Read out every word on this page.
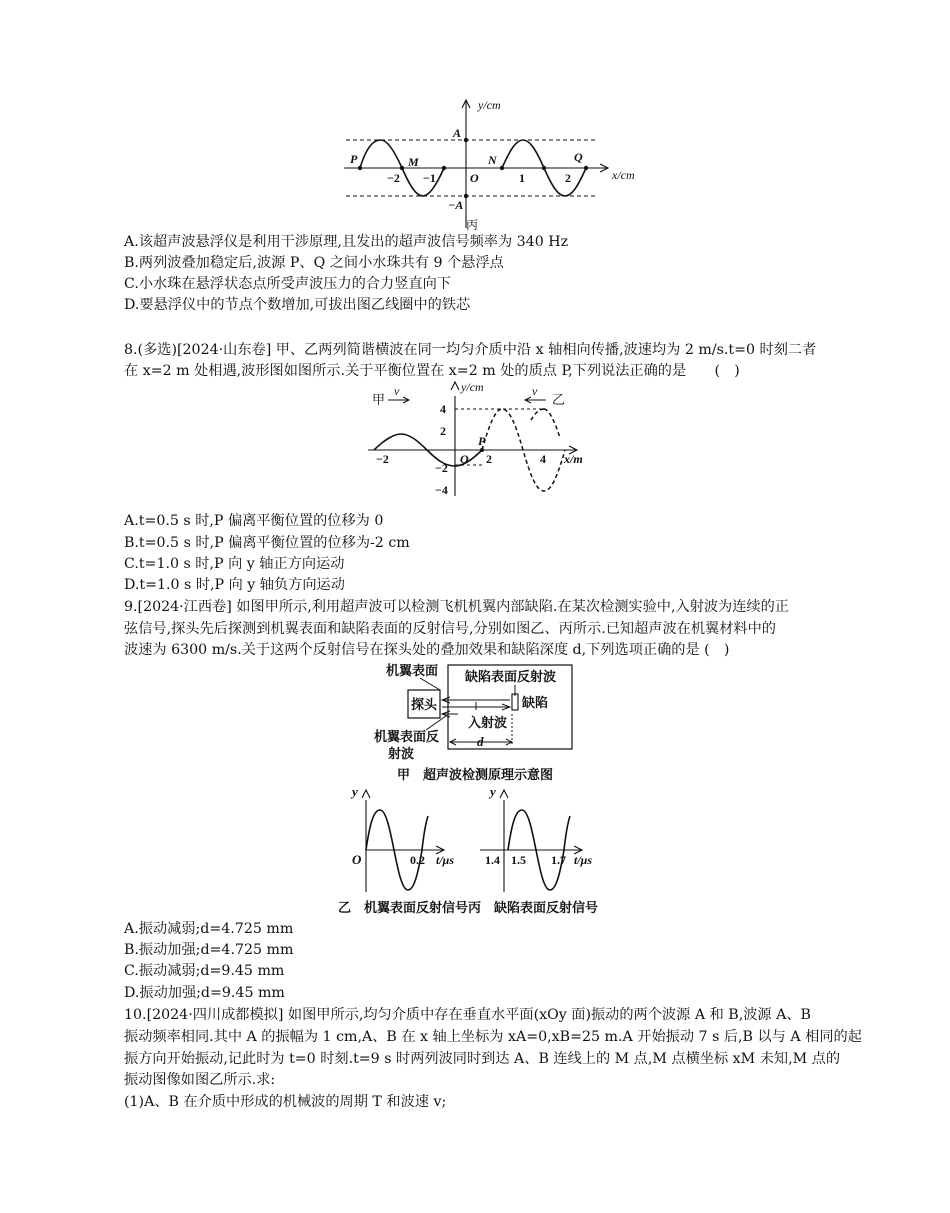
y/cm
x/cm
A
−A
P	M
O
N	Q
−2 −1	1	2
丙
A.该超声波悬浮仪是利用干涉原理,且发出的超声波信号频率为 340 Hz
B.两列波叠加稳定后,波源 P、Q 之间小水珠共有 9 个悬浮点
C.小水珠在悬浮状态点所受声波压力的合力竖直向下
D.要悬浮仪中的节点个数增加,可拔出图乙线圈中的铁芯
8.(多选)[2024·山东卷] 甲、乙两列简谐横波在同一均匀介质中沿 x 轴相向传播,波速均为 2 m/s.t=0 时刻二者
在 x=2 m 处相遇,波形图如图所示.关于平衡位置在 x=2 m 处的质点 P,下列说法正确的是　　(　)
甲
v
乙
v
y/cm
x/m
O
P
4
2
−2
−4
−2	2	4
A.t=0.5 s 时,P 偏离平衡位置的位移为 0
B.t=0.5 s 时,P 偏离平衡位置的位移为-2 cm
C.t=1.0 s 时,P 向 y 轴正方向运动
D.t=1.0 s 时,P 向 y 轴负方向运动
9.[2024·江西卷] 如图甲所示,利用超声波可以检测飞机机翼内部缺陷.在某次检测实验中,入射波为连续的正
弦信号,探头先后探测到机翼表面和缺陷表面的反射信号,分别如图乙、丙所示.已知超声波在机翼材料中的
波速为 6300 m/s.关于这两个反射信号在探头处的叠加效果和缺陷深度 d,下列选项正确的是 (　)
机翼表面 缺陷表面反射波
探头	缺陷
入射波
机翼表面反
射波
d
甲　超声波检测原理示意图
y
O	0.2 t/μs
y
1.4 1.5 1.7 t/μs
乙　机翼表面反射信号丙　缺陷表面反射信号
A.振动减弱;d=4.725 mm
B.振动加强;d=4.725 mm
C.振动减弱;d=9.45 mm
D.振动加强;d=9.45 mm
10.[2024·四川成都模拟] 如图甲所示,均匀介质中存在垂直水平面(xOy 面)振动的两个波源 A 和 B,波源 A、B
振动频率相同.其中 A 的振幅为 1 cm,A、B 在 x 轴上坐标为 xA=0,xB=25 m.A 开始振动 7 s 后,B 以与 A 相同的起
振方向开始振动,记此时为 t=0 时刻.t=9 s 时两列波同时到达 A、B 连线上的 M 点,M 点横坐标 xM 未知,M 点的
振动图像如图乙所示.求:
(1)A、B 在介质中形成的机械波的周期 T 和波速 v;
